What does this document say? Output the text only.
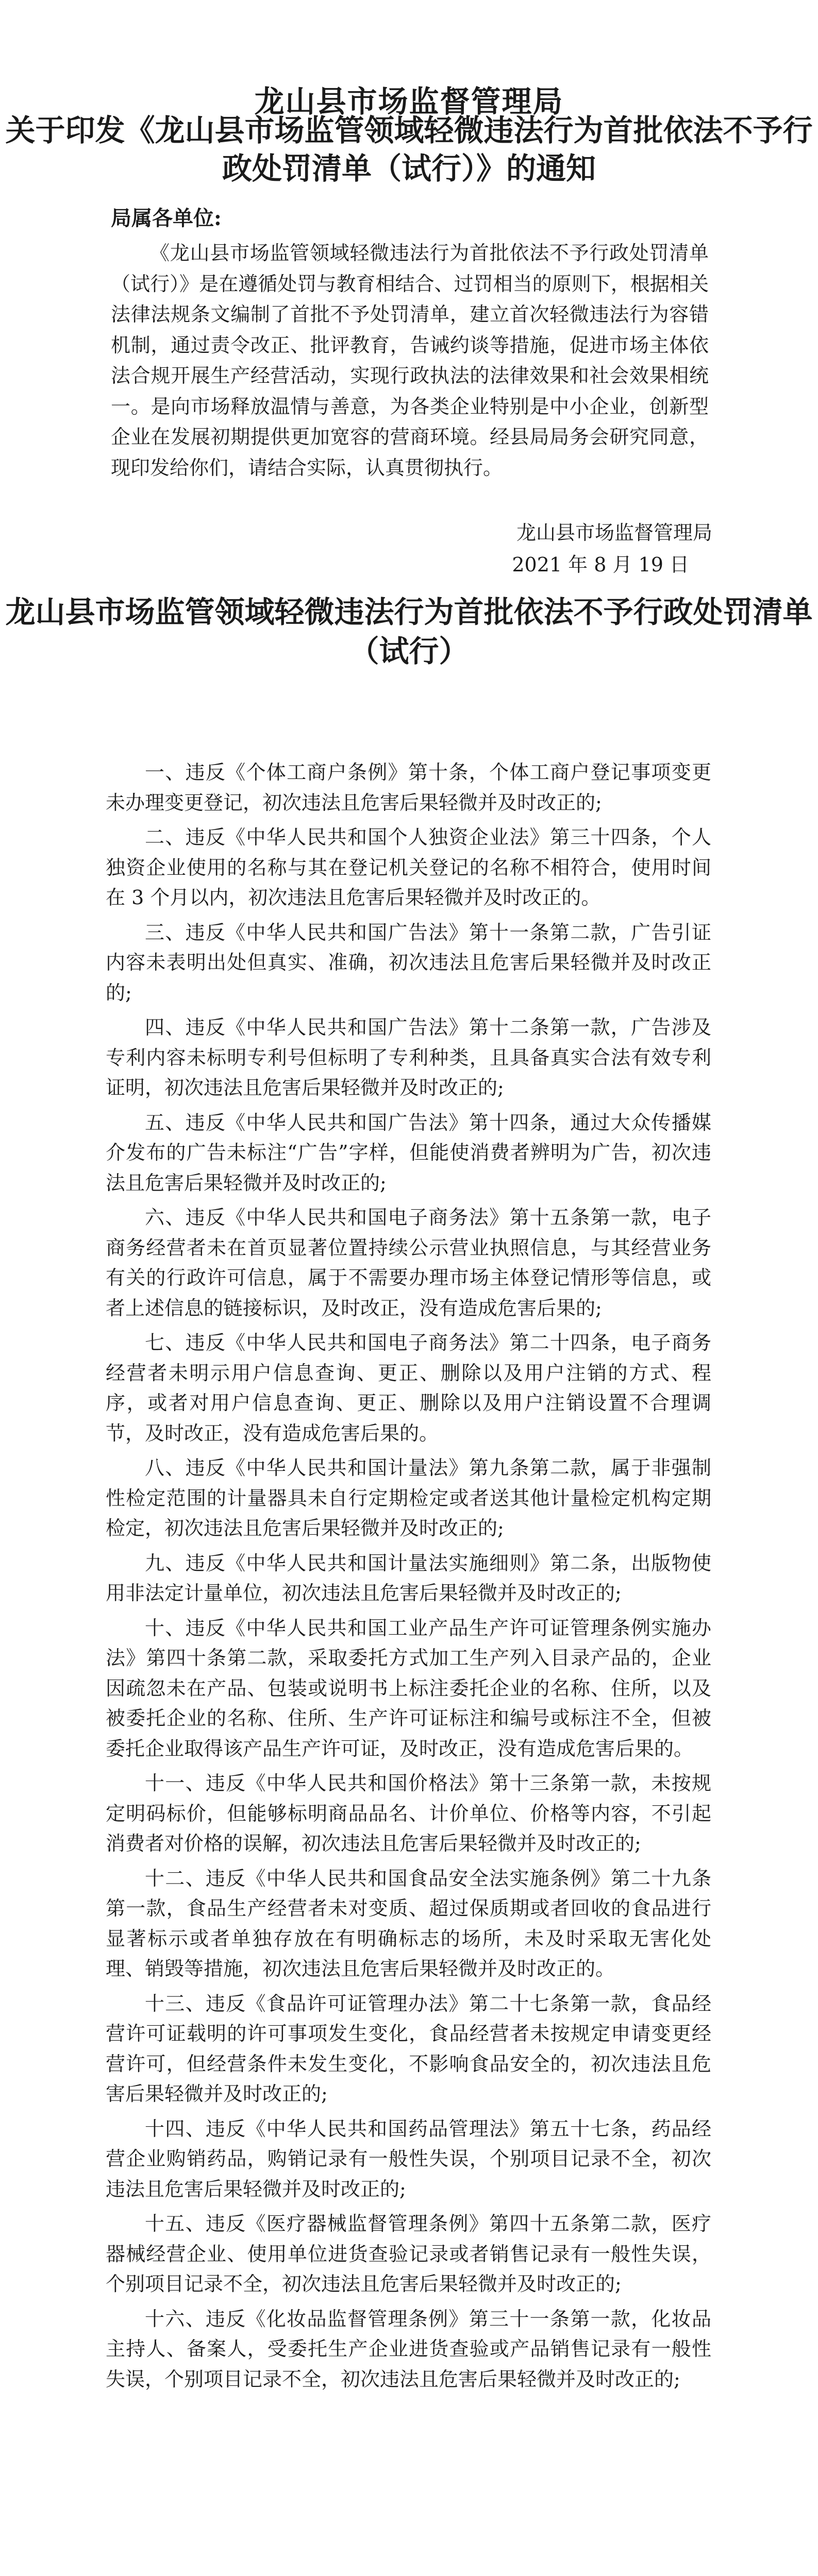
龙山县市场监督管理局
关于印发《龙山县市场监管领域轻微违法行为首批依法不予行政处罚清单（试行）》的通知
局属各单位:
《龙山县市场监管领域轻微违法行为首批依法不予行政处罚清单（试行）》是在遵循处罚与教育相结合、过罚相当的原则下，根据相关法律法规条文编制了首批不予处罚清单，建立首次轻微违法行为容错机制，通过责令改正、批评教育，告诫约谈等措施，促进市场主体依法合规开展生产经营活动，实现行政执法的法律效果和社会效果相统一。是向市场释放温情与善意，为各类企业特别是中小企业，创新型企业在发展初期提供更加宽容的营商环境。经县局局务会研究同意，现印发给你们，请结合实际，认真贯彻执行。
龙山县市场监督管理局
2021 年 8 月 19 日
龙山县市场监管领域轻微违法行为首批依法不予行政处罚清单（试行）
一、违反《个体工商户条例》第十条，个体工商户登记事项变更未办理变更登记，初次违法且危害后果轻微并及时改正的;
二、违反《中华人民共和国个人独资企业法》第三十四条，个人独资企业使用的名称与其在登记机关登记的名称不相符合，使用时间在 3 个月以内，初次违法且危害后果轻微并及时改正的。
三、违反《中华人民共和国广告法》第十一条第二款，广告引证内容未表明出处但真实、准确，初次违法且危害后果轻微并及时改正的;
四、违反《中华人民共和国广告法》第十二条第一款，广告涉及专利内容未标明专利号但标明了专利种类，且具备真实合法有效专利证明，初次违法且危害后果轻微并及时改正的;
五、违反《中华人民共和国广告法》第十四条，通过大众传播媒介发布的广告未标注“广告”字样，但能使消费者辨明为广告，初次违法且危害后果轻微并及时改正的;
六、违反《中华人民共和国电子商务法》第十五条第一款，电子商务经营者未在首页显著位置持续公示营业执照信息，与其经营业务有关的行政许可信息，属于不需要办理市场主体登记情形等信息，或者上述信息的链接标识，及时改正，没有造成危害后果的;
七、违反《中华人民共和国电子商务法》第二十四条，电子商务经营者未明示用户信息查询、更正、删除以及用户注销的方式、程序，或者对用户信息查询、更正、删除以及用户注销设置不合理调节，及时改正，没有造成危害后果的。
八、违反《中华人民共和国计量法》第九条第二款，属于非强制性检定范围的计量器具未自行定期检定或者送其他计量检定机构定期检定，初次违法且危害后果轻微并及时改正的;
九、违反《中华人民共和国计量法实施细则》第二条，出版物使用非法定计量单位，初次违法且危害后果轻微并及时改正的;
十、违反《中华人民共和国工业产品生产许可证管理条例实施办法》第四十条第二款，采取委托方式加工生产列入目录产品的，企业因疏忽未在产品、包装或说明书上标注委托企业的名称、住所，以及被委托企业的名称、住所、生产许可证标注和编号或标注不全，但被委托企业取得该产品生产许可证，及时改正，没有造成危害后果的。
十一、违反《中华人民共和国价格法》第十三条第一款，未按规定明码标价，但能够标明商品品名、计价单位、价格等内容，不引起消费者对价格的误解，初次违法且危害后果轻微并及时改正的;
十二、违反《中华人民共和国食品安全法实施条例》第二十九条第一款，食品生产经营者未对变质、超过保质期或者回收的食品进行显著标示或者单独存放在有明确标志的场所，未及时采取无害化处理、销毁等措施，初次违法且危害后果轻微并及时改正的。
十三、违反《食品许可证管理办法》第二十七条第一款，食品经营许可证载明的许可事项发生变化，食品经营者未按规定申请变更经营许可，但经营条件未发生变化，不影响食品安全的，初次违法且危害后果轻微并及时改正的;
十四、违反《中华人民共和国药品管理法》第五十七条，药品经营企业购销药品，购销记录有一般性失误，个别项目记录不全，初次违法且危害后果轻微并及时改正的;
十五、违反《医疗器械监督管理条例》第四十五条第二款，医疗器械经营企业、使用单位进货查验记录或者销售记录有一般性失误，个别项目记录不全，初次违法且危害后果轻微并及时改正的;
十六、违反《化妆品监督管理条例》第三十一条第一款，化妆品主持人、备案人，受委托生产企业进货查验或产品销售记录有一般性失误，个别项目记录不全，初次违法且危害后果轻微并及时改正的;
